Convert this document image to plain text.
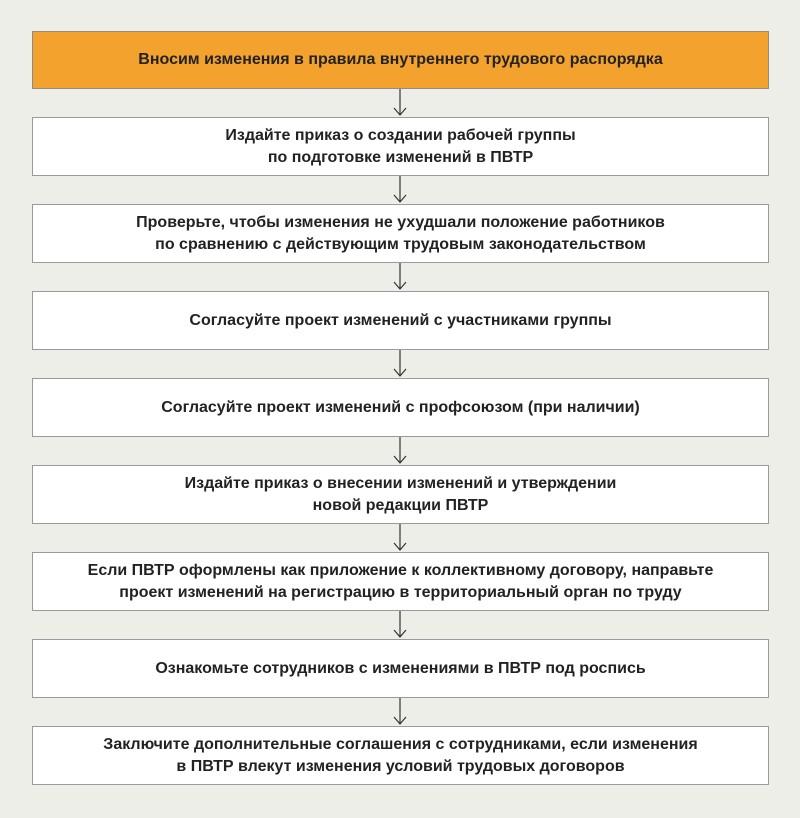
Вносим изменения в правила внутреннего трудового распорядка
Издайте приказ о создании рабочей группы
по подготовке изменений в ПВТР
Проверьте, чтобы изменения не ухудшали положение работников
по сравнению с действующим трудовым законодательством
Согласуйте проект изменений с участниками группы
Согласуйте проект изменений с профсоюзом (при наличии)
Издайте приказ о внесении изменений и утверждении
новой редакции ПВТР
Если ПВТР оформлены как приложение к коллективному договору, направьте
проект изменений на регистрацию в территориальный орган по труду
Ознакомьте сотрудников с изменениями в ПВТР под роспись
Заключите дополнительные соглашения с сотрудниками, если изменения
в ПВТР влекут изменения условий трудовых договоров
